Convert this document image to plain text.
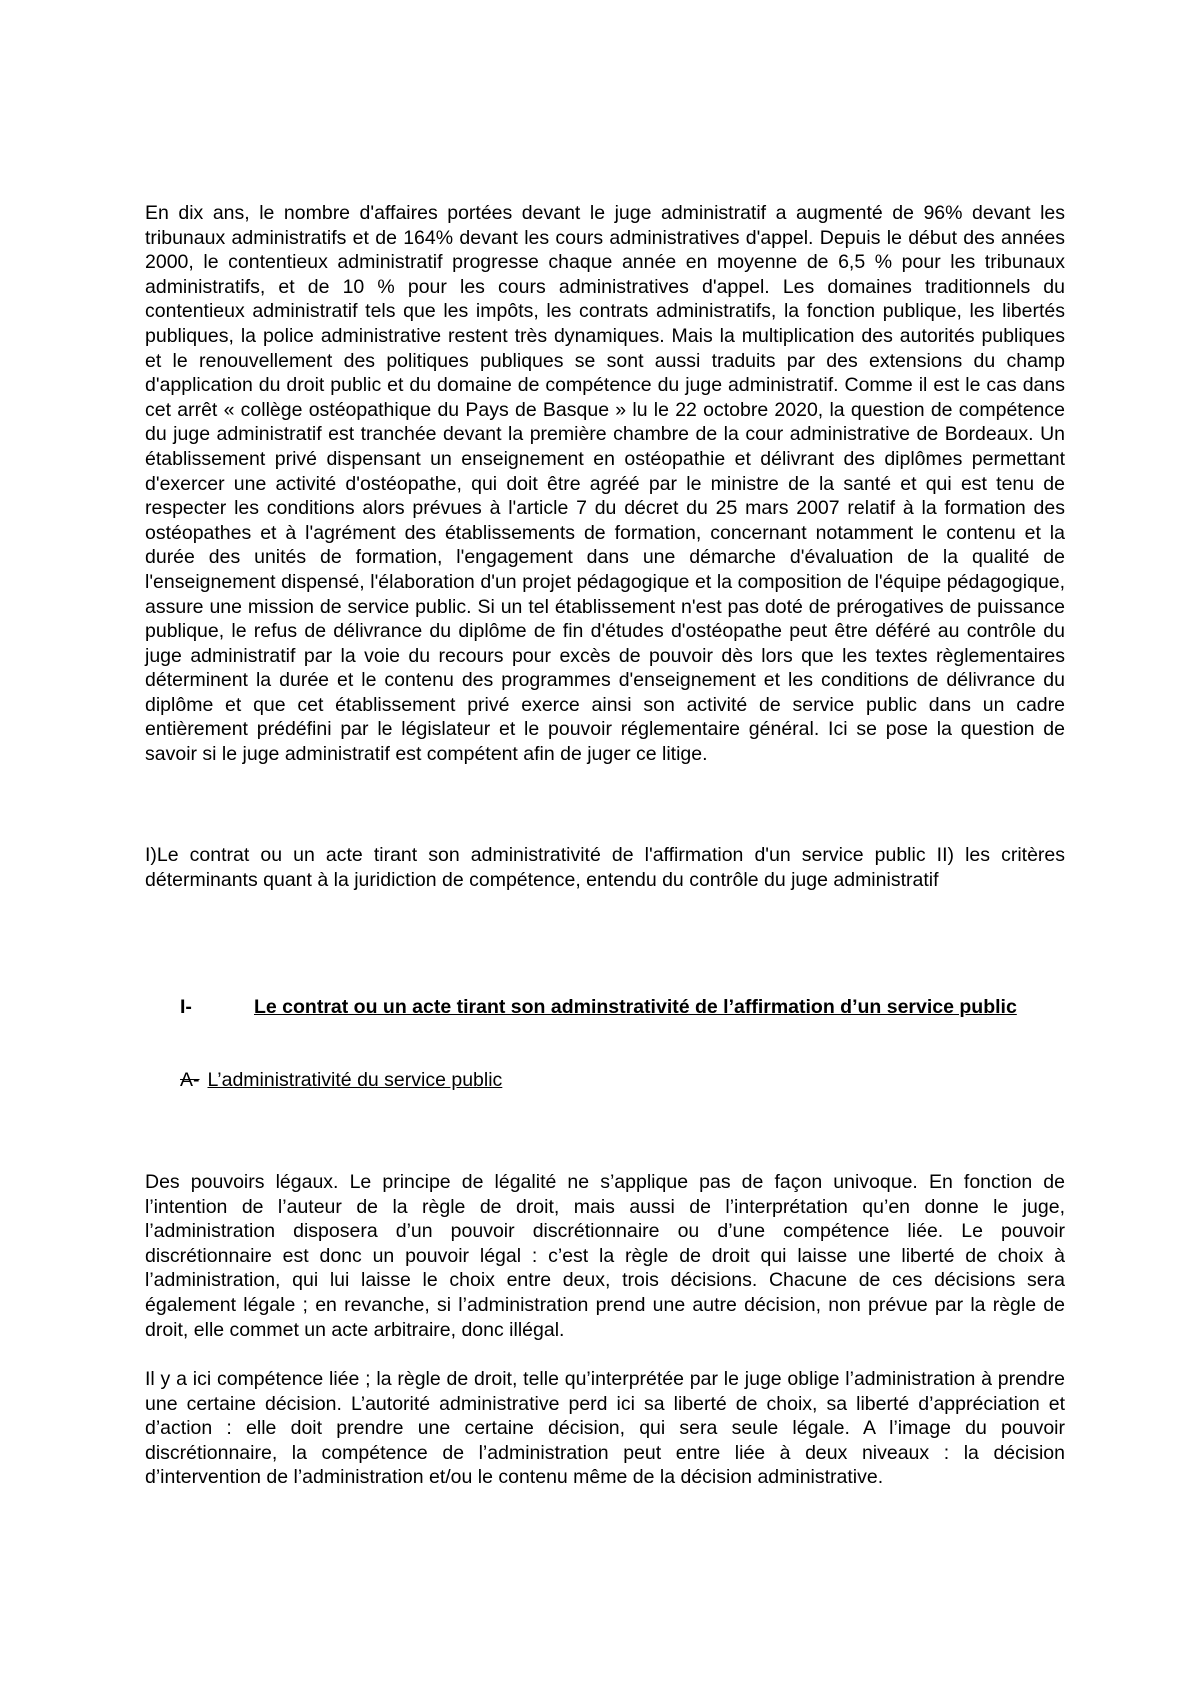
En dix ans, le nombre d'affaires portées devant le juge administratif a augmenté de 96% devant les tribunaux administratifs et de 164% devant les cours administratives d'appel. Depuis le début des années 2000, le contentieux administratif progresse chaque année en moyenne de 6,5 % pour les tribunaux administratifs, et de 10 % pour les cours administratives d'appel. Les domaines traditionnels du contentieux administratif tels que les impôts, les contrats administratifs, la fonction publique, les libertés publiques, la police administrative restent très dynamiques. Mais la multiplication des autorités publiques et le renouvellement des politiques publiques se sont aussi traduits par des extensions du champ d'application du droit public et du domaine de compétence du juge administratif. Comme il est le cas dans cet arrêt « collège ostéopathique du Pays de Basque » lu le 22 octobre 2020, la question de compétence du juge administratif est tranchée devant la première chambre de la cour administrative de Bordeaux. Un établissement privé dispensant un enseignement en ostéopathie et délivrant des diplômes permettant d'exercer une activité d'ostéopathe, qui doit être agréé par le ministre de la santé et qui est tenu de respecter les conditions alors prévues à l'article 7 du décret du 25 mars 2007 relatif à la formation des ostéopathes et à l'agrément des établissements de formation, concernant notamment le contenu et la durée des unités de formation, l'engagement dans une démarche d'évaluation de la qualité de l'enseignement dispensé, l'élaboration d'un projet pédagogique et la composition de l'équipe pédagogique, assure une mission de service public. Si un tel établissement n'est pas doté de prérogatives de puissance publique, le refus de délivrance du diplôme de fin d'études d'ostéopathe peut être déféré au contrôle du juge administratif par la voie du recours pour excès de pouvoir dès lors que les textes règlementaires déterminent la durée et le contenu des programmes d'enseignement et les conditions de délivrance du diplôme et que cet établissement privé exerce ainsi son activité de service public dans un cadre entièrement prédéfini par le législateur et le pouvoir réglementaire général. Ici se pose la question de savoir si le juge administratif est compétent afin de juger ce litige.

I)Le contrat ou un acte tirant son administrativité de l'affirmation d'un service public II) les critères déterminants quant à la juridiction de compétence, entendu du contrôle du juge administratif

I-	Le contrat ou un acte tirant son adminstrativité de l’affirmation d’un service public
A- L’administrativité du service public

Des pouvoirs légaux. Le principe de légalité ne s’applique pas de façon univoque. En fonction de l’intention de l’auteur de la règle de droit, mais aussi de l’interprétation qu’en donne le juge, l’administration disposera d’un pouvoir discrétionnaire ou d’une compétence liée. Le pouvoir discrétionnaire est donc un pouvoir légal : c’est la règle de droit qui laisse une liberté de choix à l’administration, qui lui laisse le choix entre deux, trois décisions. Chacune de ces décisions sera également légale ; en revanche, si l’administration prend une autre décision, non prévue par la règle de droit, elle commet un acte arbitraire, donc illégal.

Il y a ici compétence liée ; la règle de droit, telle qu’interprétée par le juge oblige l’administration à prendre une certaine décision. L’autorité administrative perd ici sa liberté de choix, sa liberté d’appréciation et d’action : elle doit prendre une certaine décision, qui sera seule légale. A l’image du pouvoir discrétionnaire, la compétence de l’administration peut entre liée à deux niveaux : la décision d’intervention de l’administration et/ou le contenu même de la décision administrative.
